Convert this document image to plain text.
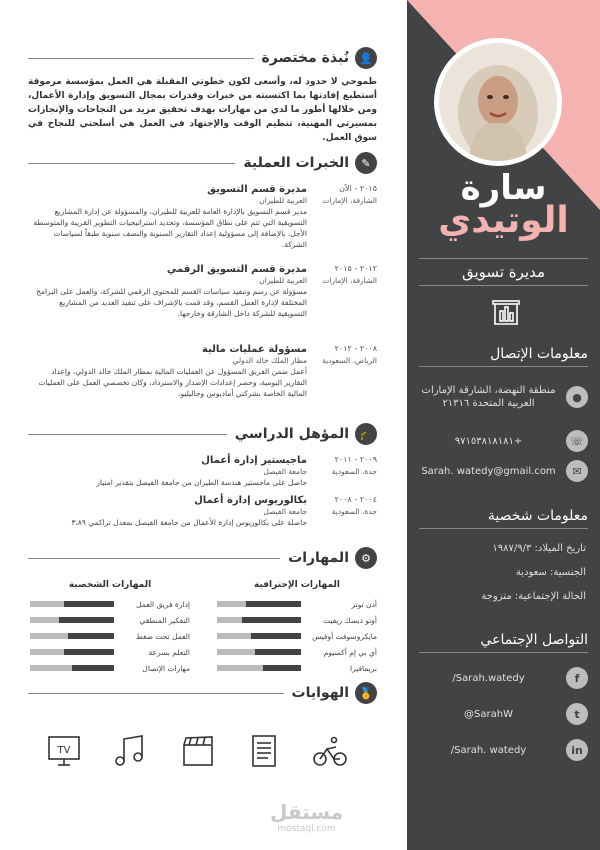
سارة
الوتيدي
مديرة تسويق
معلومات الإتصال
●
منطقة النهضة، الشارقة الإمارات العربية المتحدة ٢١٣١٦
☏
+٩٧١٥٣٨١٨١٨١
✉
Sarah. watedy@gmail.com
معلومات شخصية
تاريخ الميلاد: ١٩٨٧/٩/٣
الجنسية: سعودية
الحالة الإجتماعية: متزوجة
التواصل الإجتماعي
f
/Sarah.watedy
t
@SarahW
in
/Sarah. watedy
👤
نُبذة مختصرة
طموحي لا حدود له، وأسعى لكون خطوتي المقبلة هي العمل بمؤسسة مرموقة أستطيع إفادتها بما اكتسبته من خبرات وقدرات بمجال التسويق وإدارة الأعمال، ومن خلالها أطور ما لدي من مهارات بهدف تحقيق مزيد من النجاحات والإنجازات بمسيرتي المهنية، تنظيم الوقت والإجتهاد في العمل هي أسلحتي للنجاح في سوق العمل.
✎
الخبرات العملية
٢٠١٥ - الآن
الشارقة، الإمارات
مديرة قسم التسويق
العربية للطيران
مدير قسم التسويق بالإدارة العامة للعربية للطيران، والمسؤولة عن إدارة المشاريع التسويقية التي تتم على نطاق المؤسسة، وتحديد استراتيجيات التطوير القريبة والمتوسطة الأجل، بالإضافة إلى مسؤولية إعداد التقارير السنوية والنصف سنوية طبقاً لسياسات الشركة.
٢٠١٢ - ٢٠١٥
الشارقة، الإمارات
مديرة قسم التسويق الرقمي
العربية للطيران
مسؤولة عن رسم وتنفيذ سياسات القسم للمحتوى الرقمي للشركة، والعمل على البرامج المختلفة لإدارة العمل القسم، وقد قمت بالإشراف على تنفيذ العديد من المشاريع التسويقية للشركة داخل الشارقة وخارجها.
٢٠٠٨ - ٢٠١٢
الرياض، السعودية
مسؤولة عمليات مالية
مطار الملك خالد الدولي
أعمل ضمن الفريق المسؤول عن العمليات المالية بمطار الملك خالد الدولي، وإعداد التقارير اليومية، وحصر إعدادات الإصدار والاسترداد، وكان تخصصي العمل على العمليات المالية الخاصة بشركتي أماديوس وجاليليو.
🎓
المؤهل الدراسي
٢٠٠٩ - ٢٠١١
جدة، السعودية
ماجيستير إدارة أعمال
جامعة الفيصل
حاصل على ماجستير هندسة الطيران من جامعة الفيصل بتقدير امتياز
٢٠٠٤ - ٢٠٠٨
جدة، السعودية
بكالوريوس إدارة أعمال
جامعة الفيصل
حاصلة على بكالوريوس إدارة الأعمال من جامعة الفيصل بمعدل تراكمي ٣،٨٩
⚙
المهارات
المهارات الإحترافية
أدن توتز
أوتو ديسك ريفيت
مايكروسوفت أوفيس
أي بي إم أكسيوم
بريمافيرا
المهارات الشخصية
إدارة فريق العمل
التفكير المنطقي
العمل تحت ضغط
التعلم بسرعة
مهارات الإتصال
🏅
الهوايات
TV
مستقل
mostaql.com
